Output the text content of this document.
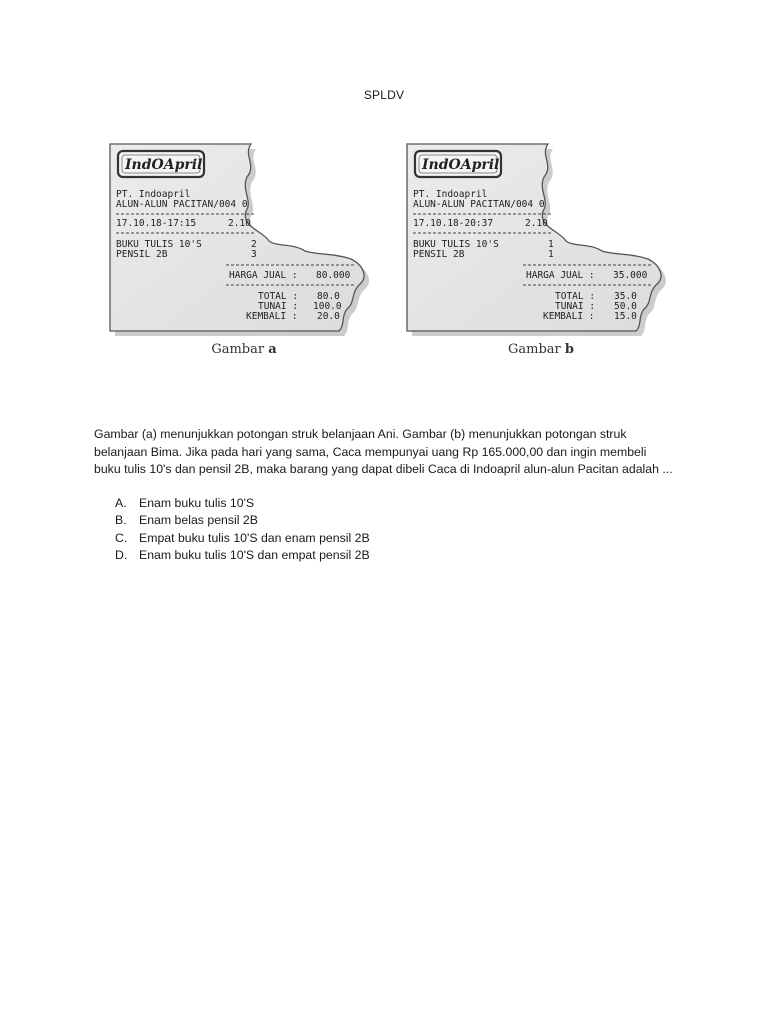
SPLDV
IndOApril
PT. Indoapril
ALUN-ALUN PACITAN/004 0
17.10.18-17:15	2.10
BUKU TULIS 10'S	2
PENSIL 2B	3
HARGA JUAL : 80.000
TOTAL : 80.0
TUNAI : 100.0
KEMBALI : 20.0
Gambar a
IndOApril
PT. Indoapril
ALUN-ALUN PACITAN/004 0
17.10.18-20:37	2.10
BUKU TULIS 10'S	1
PENSIL 2B	1
HARGA JUAL : 35.000
TOTAL : 35.0
TUNAI : 50.0
KEMBALI : 15.0
Gambar b

Gambar (a) menunjukkan potongan struk belanjaan Ani. Gambar (b) menunjukkan potongan struk belanjaan Bima. Jika pada hari yang sama, Caca mempunyai uang Rp 165.000,00 dan ingin membeli buku tulis 10's dan pensil 2B, maka barang yang dapat dibeli Caca di Indoapril alun-alun Pacitan adalah ...

A.	Enam buku tulis 10'S
B.	Enam belas pensil 2B
C. Empat buku tulis 10'S dan enam pensil 2B
D. Enam buku tulis 10'S dan empat pensil 2B
